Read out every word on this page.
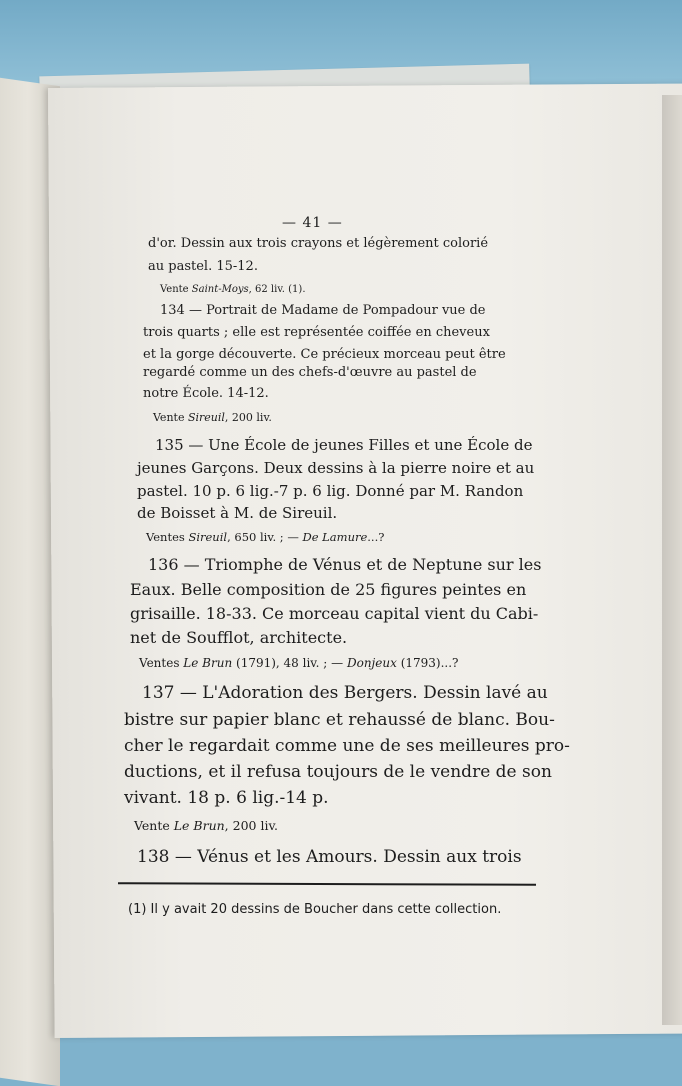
— 41 —
d'or. Dessin aux trois crayons et légèrement colorié
au pastel. 15-12.
Vente Saint-Moys, 62 liv. (1).
134 — Portrait de Madame de Pompadour vue de
trois quarts ; elle est représentée coiffée en cheveux
et la gorge découverte. Ce précieux morceau peut être
regardé comme un des chefs-d'œuvre au pastel de
notre École. 14-12.
Vente Sireuil, 200 liv.
135 — Une École de jeunes Filles et une École de
jeunes Garçons. Deux dessins à la pierre noire et au
pastel. 10 p. 6 lig.-7 p. 6 lig. Donné par M. Randon
de Boisset à M. de Sireuil.
Ventes Sireuil, 650 liv. ; — De Lamure...?
136 — Triomphe de Vénus et de Neptune sur les
Eaux. Belle composition de 25 figures peintes en
grisaille. 18-33. Ce morceau capital vient du Cabi-
net de Soufflot, architecte.
Ventes Le Brun (1791), 48 liv. ; — Donjeux (1793)...?
137 — L'Adoration des Bergers. Dessin lavé au
bistre sur papier blanc et rehaussé de blanc. Bou-
cher le regardait comme une de ses meilleures pro-
ductions, et il refusa toujours de le vendre de son
vivant. 18 p. 6 lig.-14 p.
Vente Le Brun, 200 liv.
138 — Vénus et les Amours. Dessin aux trois
(1) Il y avait 20 dessins de Boucher dans cette collection.
